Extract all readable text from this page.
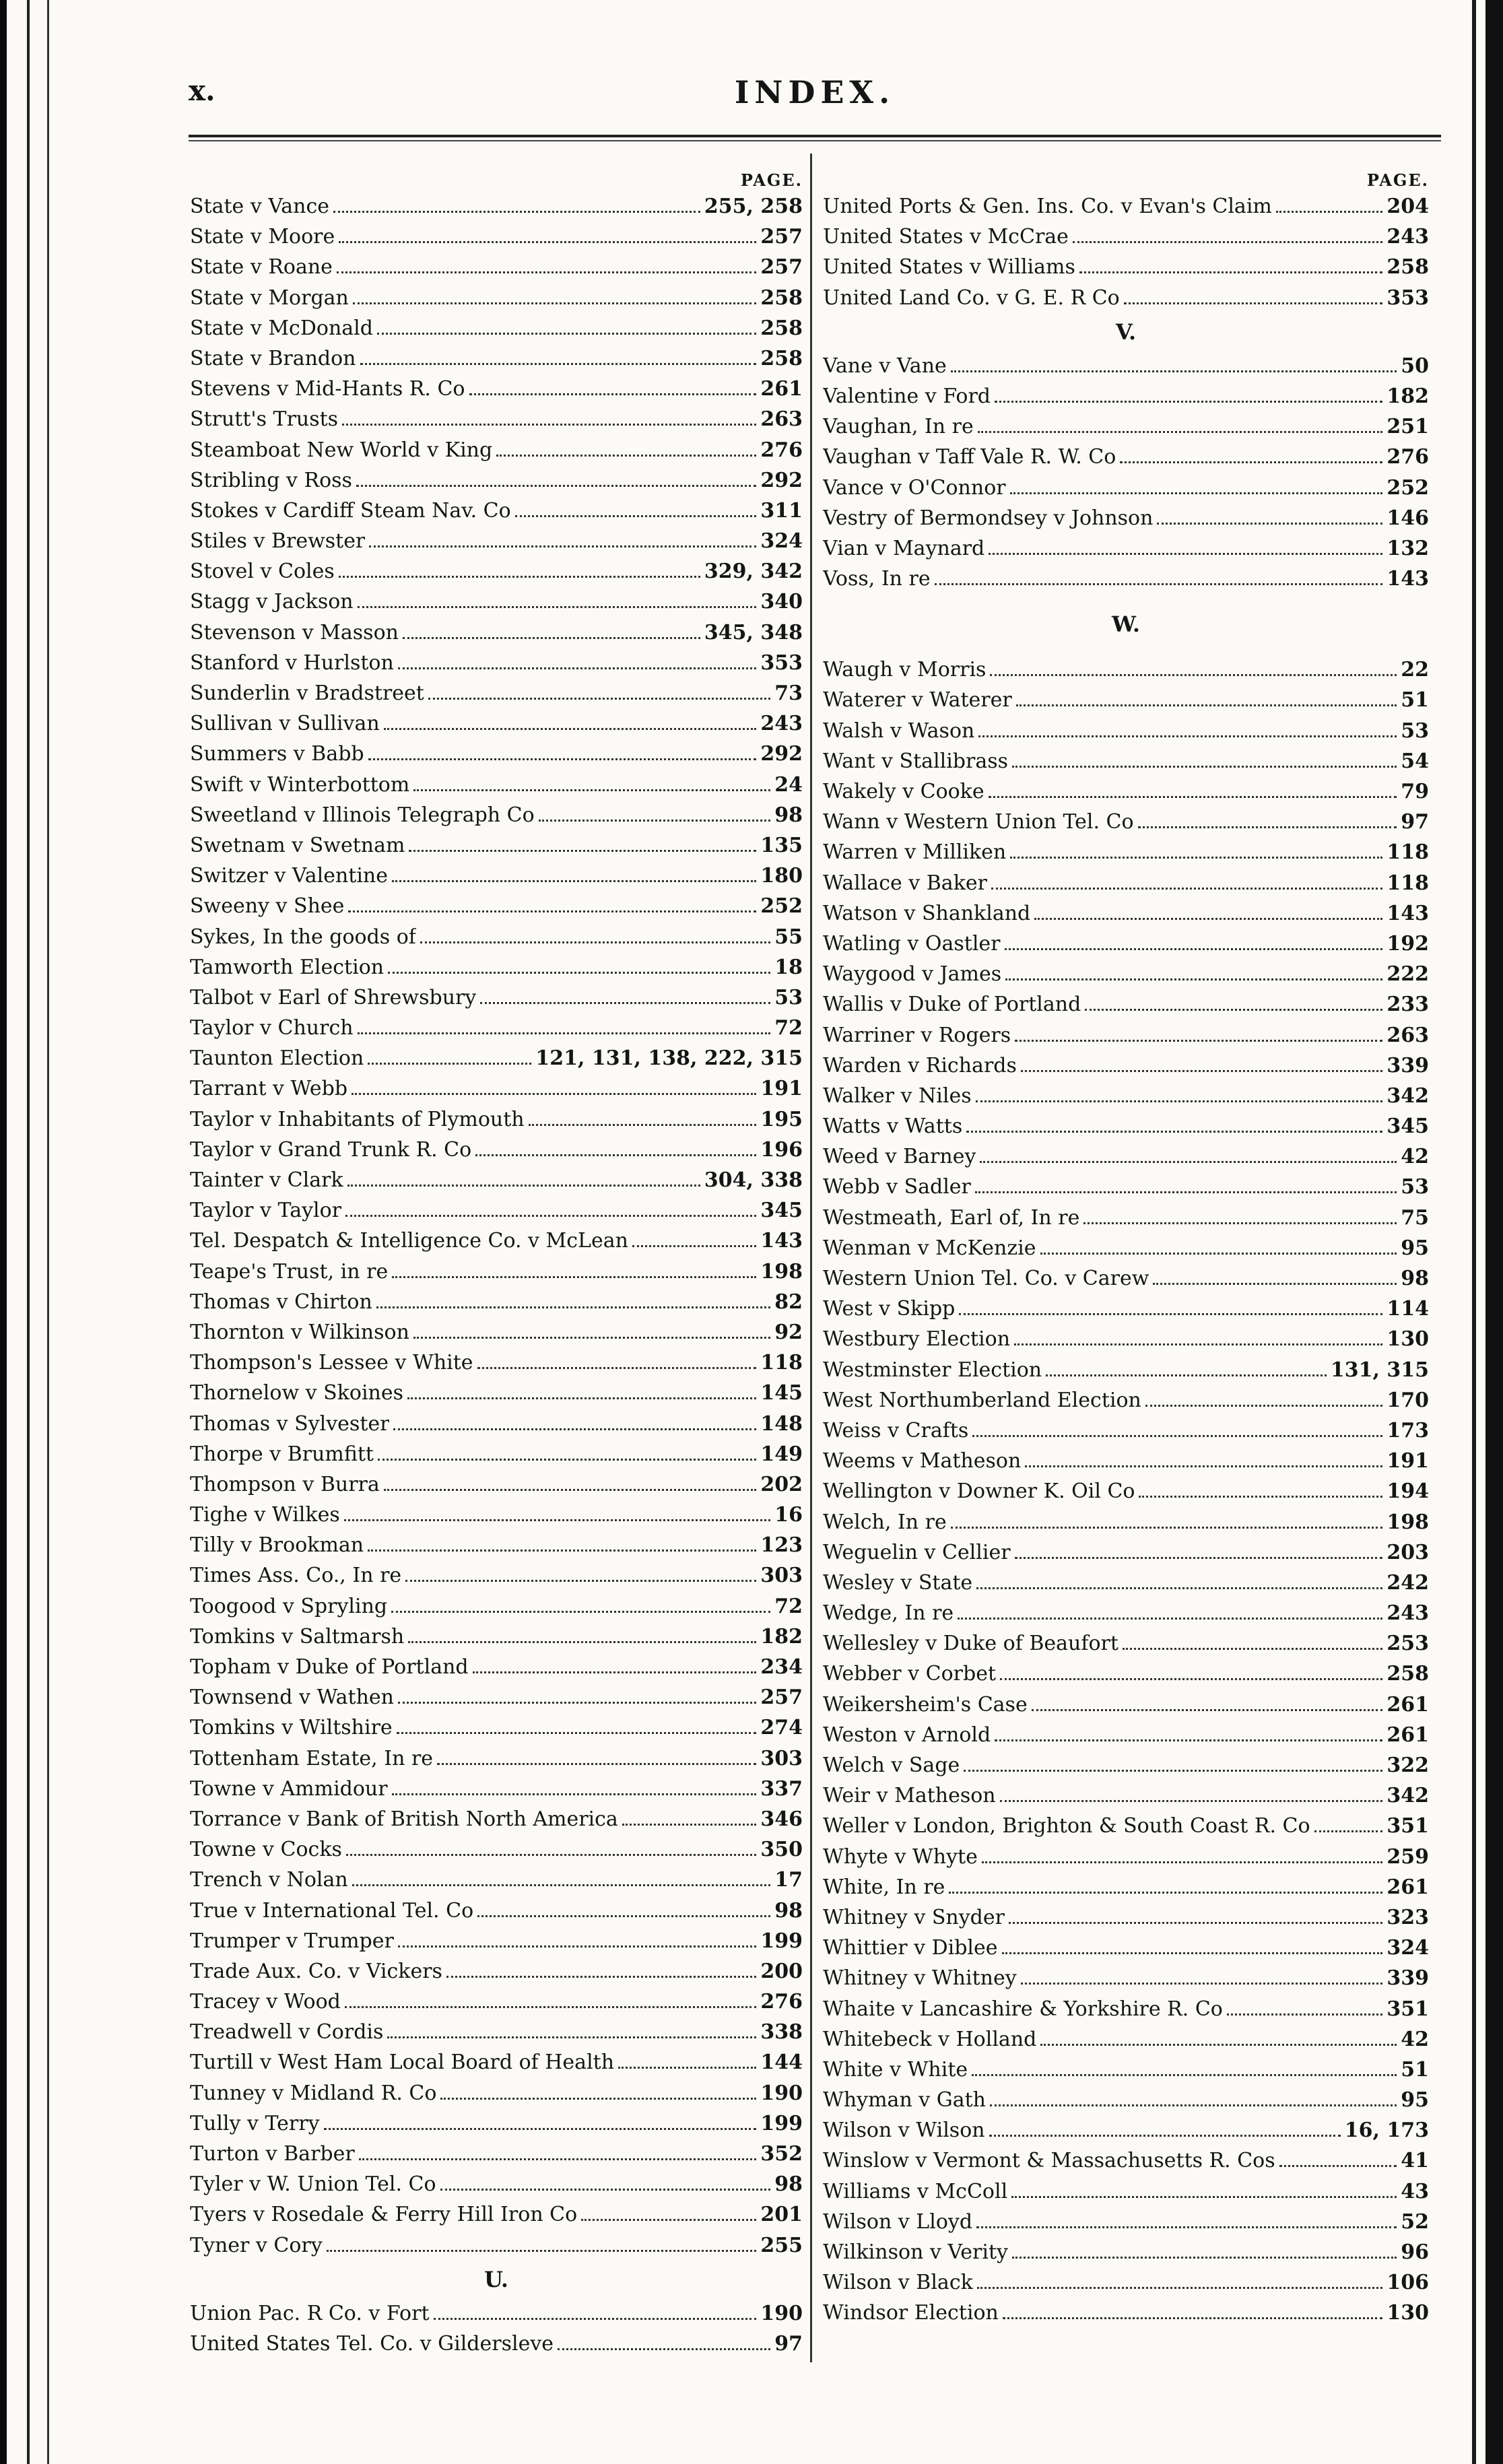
x.	INDEX.
PAGE.
State v Vance	255, 258
State v Moore	257
State v Roane	257
State v Morgan	258
State v McDonald	258
State v Brandon	258
Stevens v Mid-Hants R. Co	261
Strutt's Trusts	263
Steamboat New World v King	276
Stribling v Ross	292
Stokes v Cardiff Steam Nav. Co	311
Stiles v Brewster	324
Stovel v Coles	329, 342
Stagg v Jackson	340
Stevenson v Masson	345, 348
Stanford v Hurlston	353
Sunderlin v Bradstreet	73
Sullivan v Sullivan	243
Summers v Babb	292
Swift v Winterbottom	24
Sweetland v Illinois Telegraph Co	98
Swetnam v Swetnam	135
Switzer v Valentine	180
Sweeny v Shee	252
Sykes, In the goods of	55
Tamworth Election	18
Talbot v Earl of Shrewsbury	53
Taylor v Church	72
Taunton Election	121, 131, 138, 222, 315
Tarrant v Webb	191
Taylor v Inhabitants of Plymouth	195
Taylor v Grand Trunk R. Co	196
Tainter v Clark	304, 338
Taylor v Taylor	345
Tel. Despatch & Intelligence Co. v McLean	143
Teape's Trust, in re	198
Thomas v Chirton	82
Thornton v Wilkinson	92
Thompson's Lessee v White	118
Thornelow v Skoines	145
Thomas v Sylvester	148
Thorpe v Brumfitt	149
Thompson v Burra	202
Tighe v Wilkes	16
Tilly v Brookman	123
Times Ass. Co., In re	303
Toogood v Spryling	72
Tomkins v Saltmarsh	182
Topham v Duke of Portland	234
Townsend v Wathen	257
Tomkins v Wiltshire	274
Tottenham Estate, In re	303
Towne v Ammidour	337
Torrance v Bank of British North America	346
Towne v Cocks	350
Trench v Nolan	17
True v International Tel. Co	98
Trumper v Trumper	199
Trade Aux. Co. v Vickers	200
Tracey v Wood	276
Treadwell v Cordis	338
Turtill v West Ham Local Board of Health	144
Tunney v Midland R. Co	190
Tully v Terry	199
Turton v Barber	352
Tyler v W. Union Tel. Co	98
Tyers v Rosedale & Ferry Hill Iron Co	201
Tyner v Cory	255
U.
Union Pac. R Co. v Fort	190
United States Tel. Co. v Gildersleve	97
PAGE.
United Ports & Gen. Ins. Co. v Evan's Claim	204
United States v McCrae	243
United States v Williams	258
United Land Co. v G. E. R Co	353
V.
Vane v Vane	50
Valentine v Ford	182
Vaughan, In re	251
Vaughan v Taff Vale R. W. Co	276
Vance v O'Connor	252
Vestry of Bermondsey v Johnson	146
Vian v Maynard	132
Voss, In re	143
W.
Waugh v Morris	22
Waterer v Waterer	51
Walsh v Wason	53
Want v Stallibrass	54
Wakely v Cooke	79
Wann v Western Union Tel. Co	97
Warren v Milliken	118
Wallace v Baker	118
Watson v Shankland	143
Watling v Oastler	192
Waygood v James	222
Wallis v Duke of Portland	233
Warriner v Rogers	263
Warden v Richards	339
Walker v Niles	342
Watts v Watts	345
Weed v Barney	42
Webb v Sadler	53
Westmeath, Earl of, In re	75
Wenman v McKenzie	95
Western Union Tel. Co. v Carew	98
West v Skipp	114
Westbury Election	130
Westminster Election	131, 315
West Northumberland Election	170
Weiss v Crafts	173
Weems v Matheson	191
Wellington v Downer K. Oil Co	194
Welch, In re	198
Weguelin v Cellier	203
Wesley v State	242
Wedge, In re	243
Wellesley v Duke of Beaufort	253
Webber v Corbet	258
Weikersheim's Case	261
Weston v Arnold	261
Welch v Sage	322
Weir v Matheson	342
Weller v London, Brighton & South Coast R. Co	351
Whyte v Whyte	259
White, In re	261
Whitney v Snyder	323
Whittier v Diblee	324
Whitney v Whitney	339
Whaite v Lancashire & Yorkshire R. Co	351
Whitebeck v Holland	42
White v White	51
Whyman v Gath	95
Wilson v Wilson	16, 173
Winslow v Vermont & Massachusetts R. Cos	41
Williams v McColl	43
Wilson v Lloyd	52
Wilkinson v Verity	96
Wilson v Black	106
Windsor Election	130
